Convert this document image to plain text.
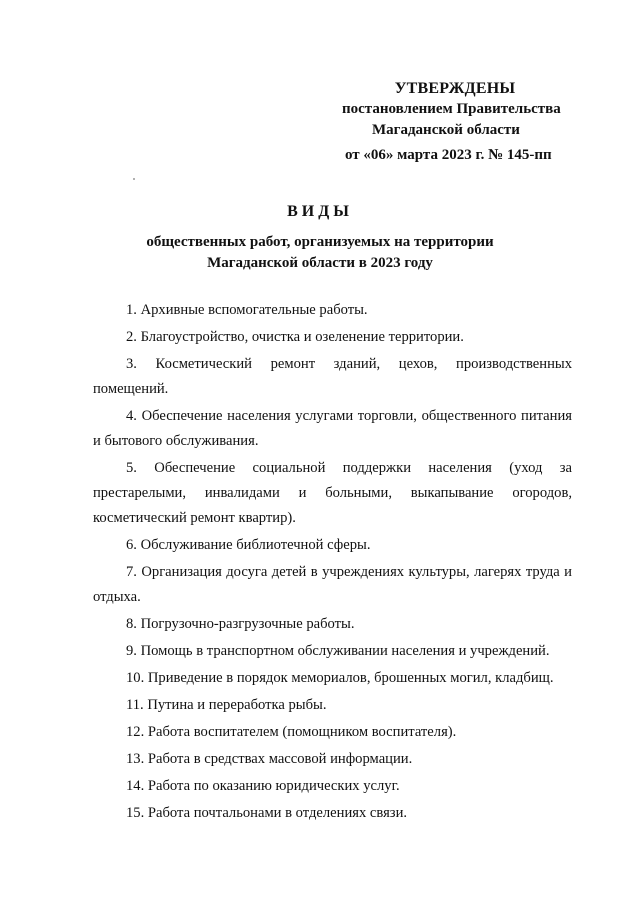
УТВЕРЖДЕНЫ
постановлением Правительства
Магаданской области
от «06» марта 2023 г. № 145-пп
ВИДЫ
общественных работ, организуемых на территории
Магаданской области в 2023 году

1. Архивные вспомогательные работы.

2. Благоустройство, очистка и озеленение территории.

3. Косметический ремонт зданий, цехов, производственных помещений.

4. Обеспечение населения услугами торговли, общественного питания и бытового обслуживания.

5. Обеспечение социальной поддержки населения (уход за престарелыми, инвалидами и больными, выкапывание огородов, косметический ремонт квартир).

6. Обслуживание библиотечной сферы.

7. Организация досуга детей в учреждениях культуры, лагерях труда и отдыха.

8. Погрузочно-разгрузочные работы.

9. Помощь в транспортном обслуживании населения и учреждений.

10. Приведение в порядок мемориалов, брошенных могил, кладбищ.

11. Путина и переработка рыбы.

12. Работа воспитателем (помощником воспитателя).

13. Работа в средствах массовой информации.

14. Работа по оказанию юридических услуг.

15. Работа почтальонами в отделениях связи.
